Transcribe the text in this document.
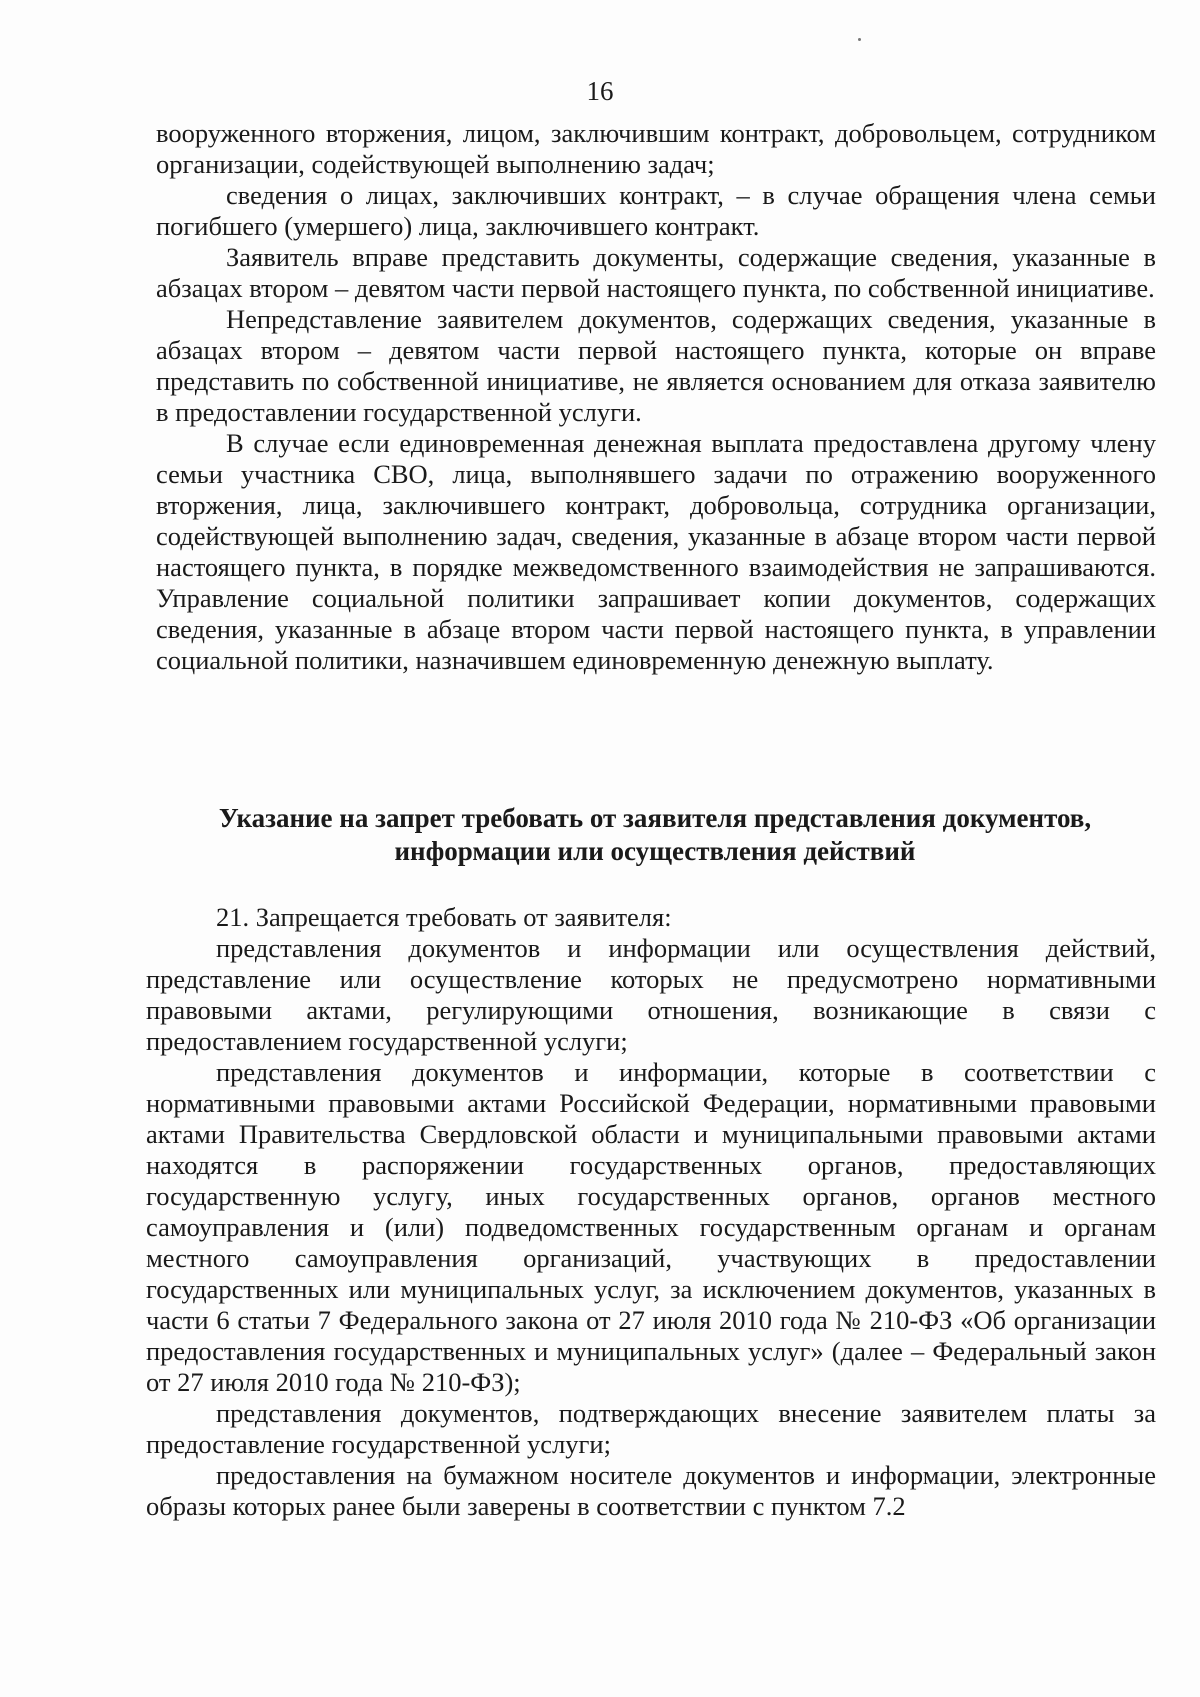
16

вооруженного вторжения, лицом, заключившим контракт, добровольцем, сотрудником организации, содействующей выполнению задач;

сведения о лицах, заключивших контракт, – в случае обращения члена семьи погибшего (умершего) лица, заключившего контракт.

Заявитель вправе представить документы, содержащие сведения, указанные в абзацах втором – девятом части первой настоящего пункта, по собственной инициативе.

Непредставление заявителем документов, содержащих сведения, указанные в абзацах втором – девятом части первой настоящего пункта, которые он вправе представить по собственной инициативе, не является основанием для отказа заявителю в предоставлении государственной услуги.

В случае если единовременная денежная выплата предоставлена другому члену семьи участника СВО, лица, выполнявшего задачи по отражению вооруженного вторжения, лица, заключившего контракт, добровольца, сотрудника организации, содействующей выполнению задач, сведения, указанные в абзаце втором части первой настоящего пункта, в порядке межведомственного взаимодействия не запрашиваются. Управление социальной политики запрашивает копии документов, содержащих сведения, указанные в абзаце втором части первой настоящего пункта, в управлении социальной политики, назначившем единовременную денежную выплату.

Указание на запрет требовать от заявителя представления документов,
информации или осуществления действий

21. Запрещается требовать от заявителя:

представления документов и информации или осуществления действий, представление или осуществление которых не предусмотрено нормативными правовыми актами, регулирующими отношения, возникающие в связи с предоставлением государственной услуги;

представления документов и информации, которые в соответствии с нормативными правовыми актами Российской Федерации, нормативными правовыми актами Правительства Свердловской области и муниципальными правовыми актами находятся в распоряжении государственных органов, предоставляющих государственную услугу, иных государственных органов, органов местного самоуправления и (или) подведомственных государственным органам и органам местного самоуправления организаций, участвующих в предоставлении государственных или муниципальных услуг, за исключением документов, указанных в части 6 статьи 7 Федерального закона от 27 июля 2010 года № 210-ФЗ «Об организации предоставления государственных и муниципальных услуг» (далее – Федеральный закон от 27 июля 2010 года № 210-ФЗ);

представления документов, подтверждающих внесение заявителем платы за предоставление государственной услуги;

предоставления на бумажном носителе документов и информации, электронные образы которых ранее были заверены в соответствии с пунктом 7.2
